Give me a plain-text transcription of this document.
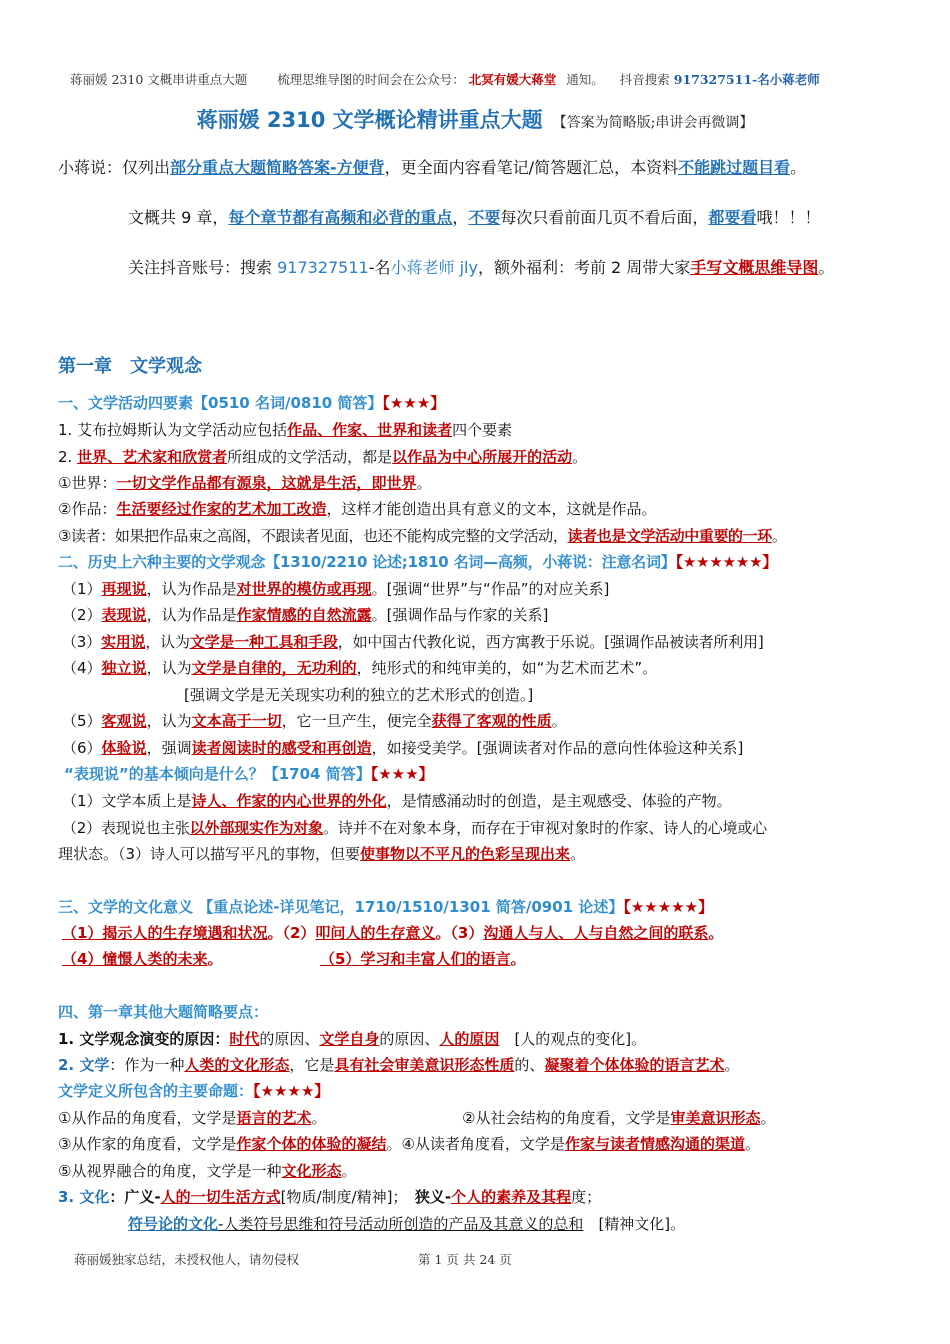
蒋丽媛 2310 文概串讲重点大题 梳理思维导图的时间会在公众号： 北冥有媛大蒋堂 通知。 抖音搜索 917327511-名小蒋老师
蒋丽媛 2310 文学概论精讲重点大题 【答案为简略版;串讲会再微调】
小蒋说：仅列出部分重点大题简略答案-方便背，更全面内容看笔记/简答题汇总，本资料不能跳过题目看。
文概共 9 章，每个章节都有高频和必背的重点，不要每次只看前面几页不看后面，都要看哦！！！
关注抖音账号：搜索 917327511-名小蒋老师 jly，额外福利：考前 2 周带大家手写文概思维导图。
第一章　文学观念
一、文学活动四要素【0510 名词/0810 简答】【★★★】
1. 艾布拉姆斯认为文学活动应包括作品、作家、世界和读者四个要素
2. 世界、艺术家和欣赏者所组成的文学活动，都是以作品为中心所展开的活动。
①世界：一切文学作品都有源泉，这就是生活，即世界。
②作品：生活要经过作家的艺术加工改造，这样才能创造出具有意义的文本，这就是作品。
③读者：如果把作品束之高阁，不跟读者见面，也还不能构成完整的文学活动，读者也是文学活动中重要的一环。
二、历史上六种主要的文学观念【1310/2210 论述;1810 名词—高频，小蒋说：注意名词】【★★★★★★】
（1）再现说，认为作品是对世界的模仿或再现。[强调“世界”与“作品”的对应关系]
（2）表现说，认为作品是作家情感的自然流露。[强调作品与作家的关系]
（3）实用说，认为文学是一种工具和手段，如中国古代教化说，西方寓教于乐说。[强调作品被读者所利用]
（4）独立说，认为文学是自律的，无功利的，纯形式的和纯审美的，如“为艺术而艺术”。
[强调文学是无关现实功利的独立的艺术形式的创造。]
（5）客观说，认为文本高于一切，它一旦产生，便完全获得了客观的性质。
（6）体验说，强调读者阅读时的感受和再创造，如接受美学。[强调读者对作品的意向性体验这种关系]
“表现说”的基本倾向是什么？【1704 简答】【★★★】
（1）文学本质上是诗人、作家的内心世界的外化，是情感涌动时的创造，是主观感受、体验的产物。
（2）表现说也主张以外部现实作为对象。诗并不在对象本身，而存在于审视对象时的作家、诗人的心境或心
理状态。（3）诗人可以描写平凡的事物，但要使事物以不平凡的色彩呈现出来。
三、文学的文化意义 【重点论述-详见笔记，1710/1510/1301 简答/0901 论述】【★★★★★】
（1）揭示人的生存境遇和状况。（2）叩问人的生存意义。（3）沟通人与人、人与自然之间的联系。
（4）憧憬人类的未来。	（5）学习和丰富人们的语言。
四、第一章其他大题简略要点：
1. 文学观念演变的原因：时代的原因、文学自身的原因、人的原因　[人的观点的变化]。
2. 文学：作为一种人类的文化形态，它是具有社会审美意识形态性质的、凝聚着个体体验的语言艺术。
文学定义所包含的主要命题：【★★★★】
①从作品的角度看，文学是语言的艺术。	②从社会结构的角度看，文学是审美意识形态。
③从作家的角度看，文学是作家个体的体验的凝结。④从读者角度看，文学是作家与读者情感沟通的渠道。
⑤从视界融合的角度，文学是一种文化形态。
3. 文化：广义-人的一切生活方式[物质/制度/精神]；　狭义-个人的素养及其程度；
符号论的文化-人类符号思维和符号活动所创造的产品及其意义的总和　[精神文化]。
蒋丽媛独家总结，未授权他人，请勿侵权	第 1 页 共 24 页
